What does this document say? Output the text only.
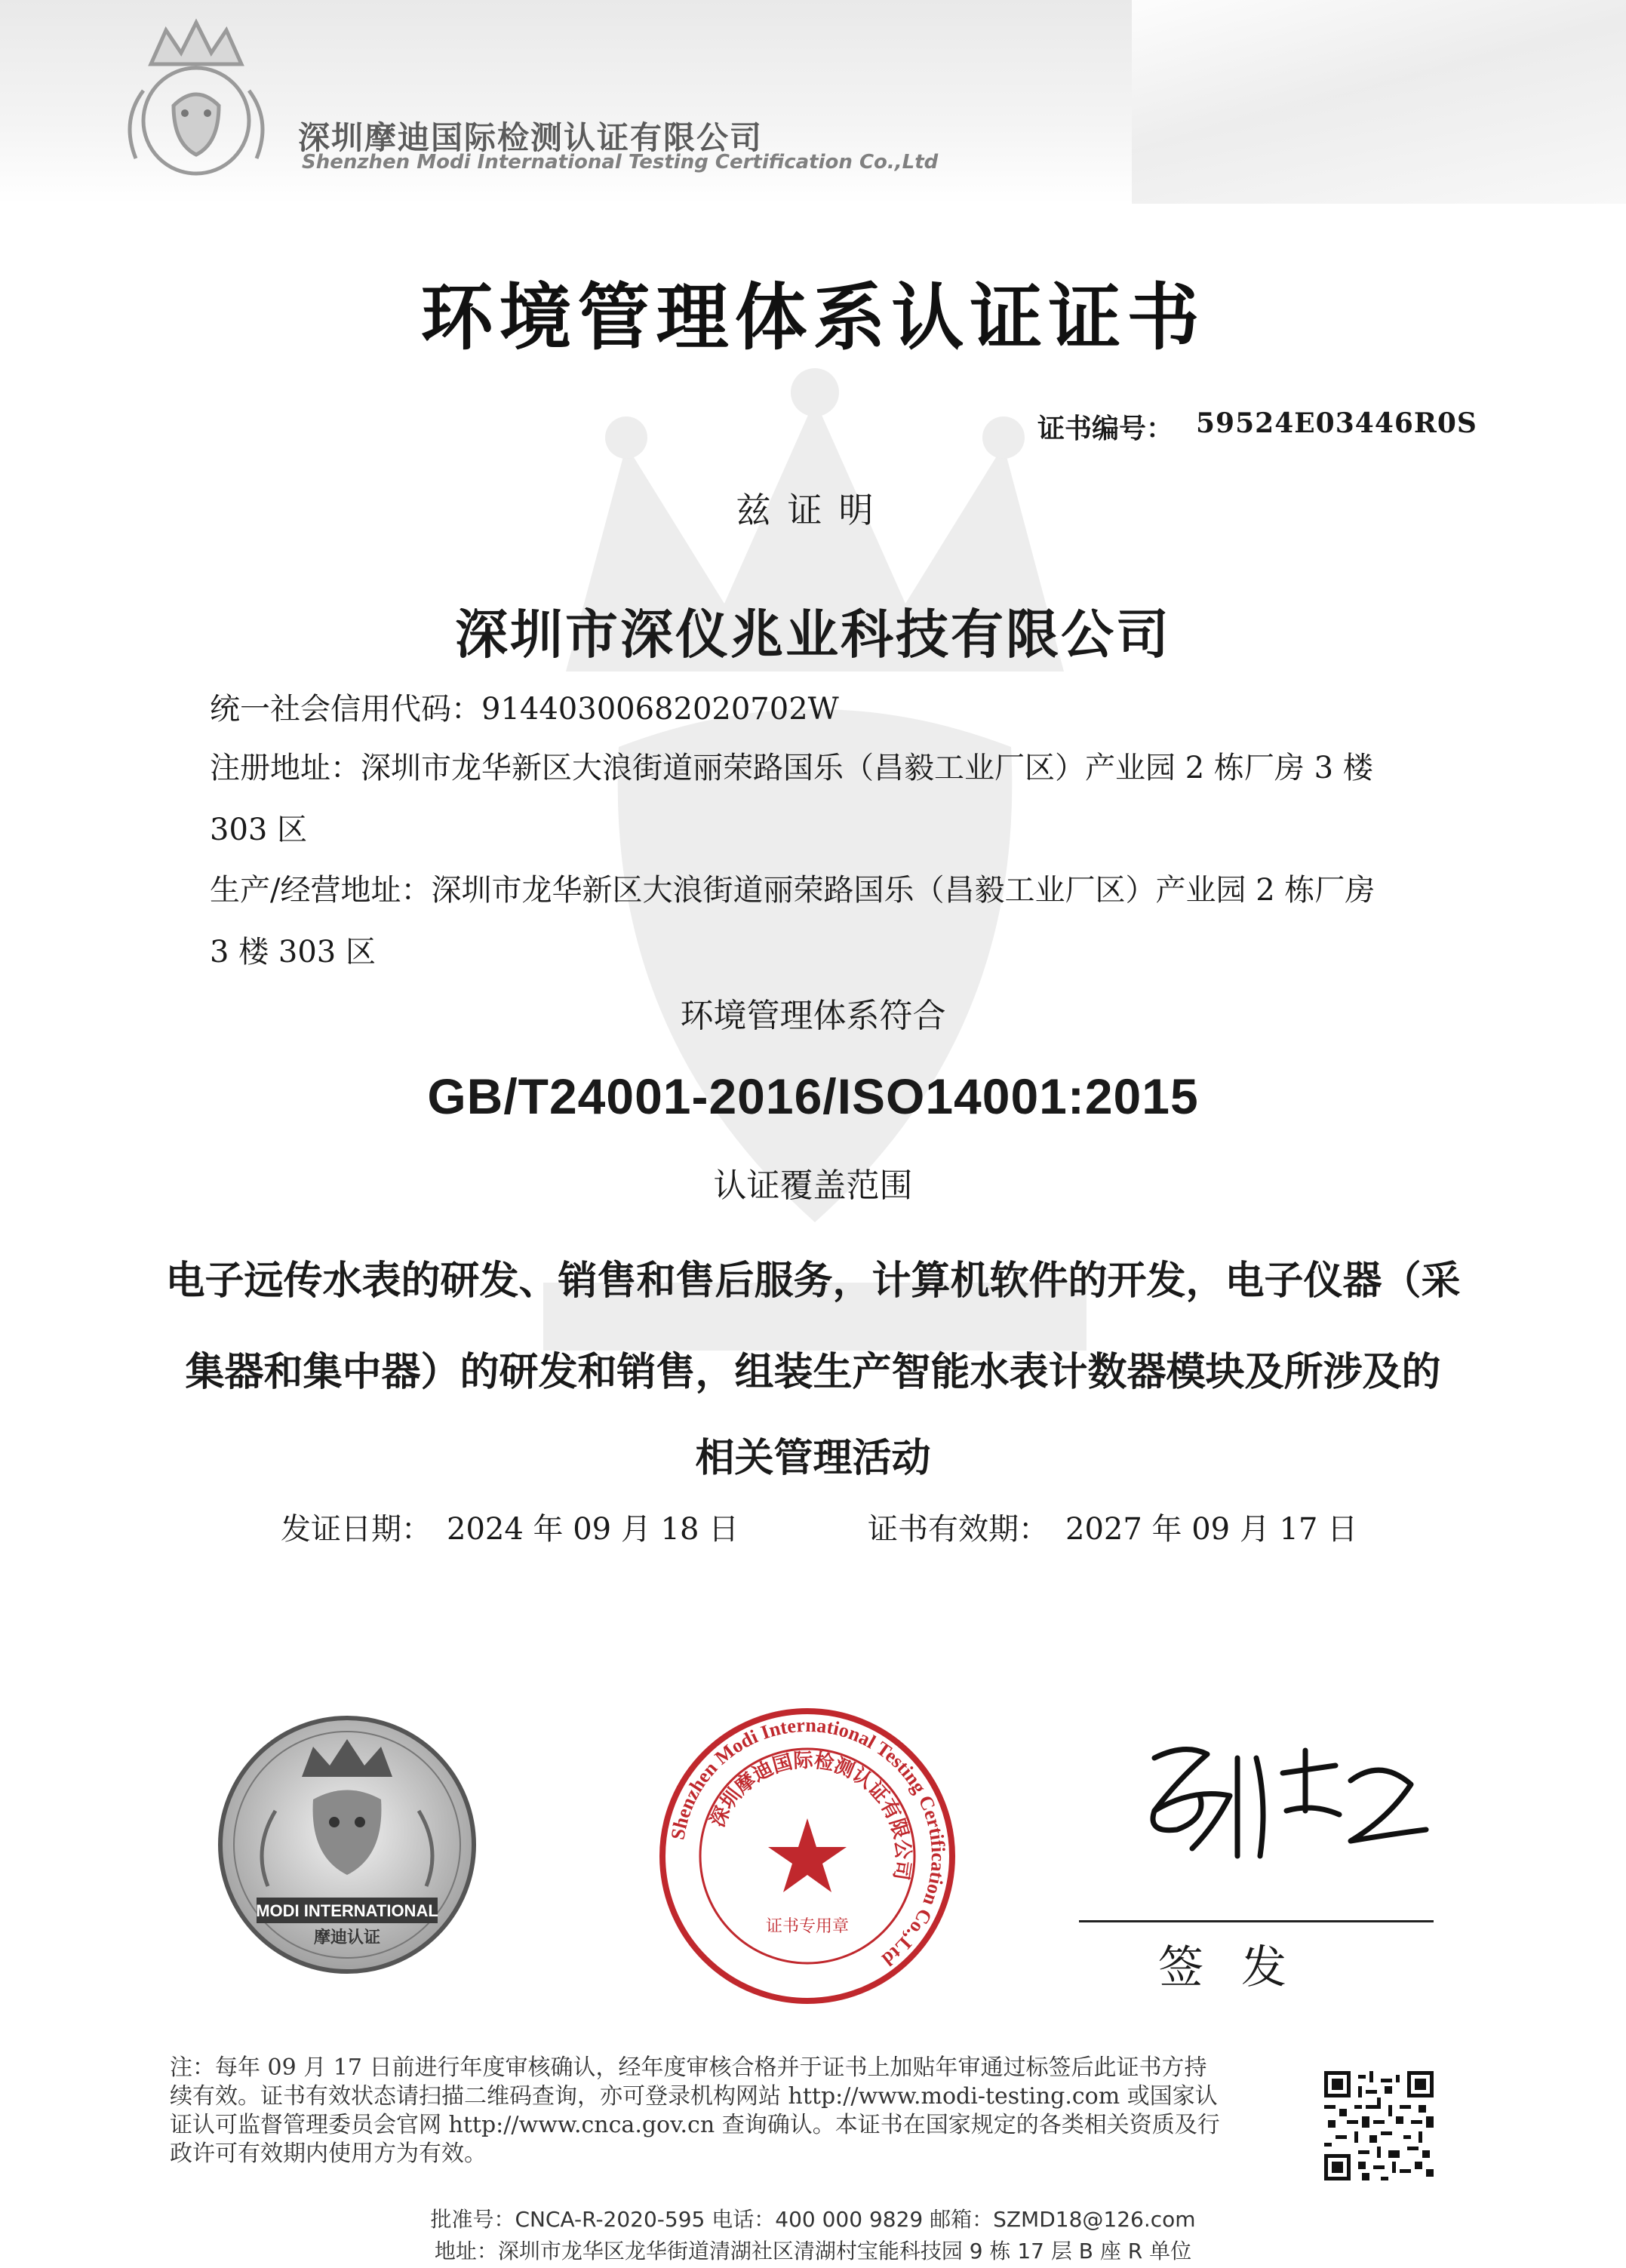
深圳摩迪国际检测认证有限公司
Shenzhen Modi International Testing Certification Co.,Ltd
环境管理体系认证证书
证书编号： 59524E03446R0S
兹证明
深圳市深仪兆业科技有限公司
统一社会信用代码：91440300682020702W
注册地址：深圳市龙华新区大浪街道丽荣路国乐（昌毅工业厂区）产业园 2 栋厂房 3 楼
303 区
生产/经营地址：深圳市龙华新区大浪街道丽荣路国乐（昌毅工业厂区）产业园 2 栋厂房
3 楼 303 区
环境管理体系符合
GB/T24001-2016/ISO14001:2015
认证覆盖范围
电子远传水表的研发、销售和售后服务，计算机软件的开发，电子仪器（采
集器和集中器）的研发和销售，组装生产智能水表计数器模块及所涉及的
相关管理活动
发证日期： 2024 年 09 月 18 日	证书有效期： 2027 年 09 月 17 日
MODI INTERNATIONAL
摩迪认证
Shenzhen Modi International Testing Certification Co.,Ltd
深圳摩迪国际检测认证有限公司
证书专用章
签发
注：每年 09 月 17 日前进行年度审核确认，经年度审核合格并于证书上加贴年审通过标签后此证书方持
续有效。证书有效状态请扫描二维码查询，亦可登录机构网站 http://www.modi-testing.com 或国家认
证认可监督管理委员会官网 http://www.cnca.gov.cn 查询确认。本证书在国家规定的各类相关资质及行
政许可有效期内使用方为有效。
批准号：CNCA-R-2020-595 电话：400 000 9829 邮箱：SZMD18@126.com
地址：深圳市龙华区龙华街道清湖社区清湖村宝能科技园 9 栋 17 层 B 座 R 单位
